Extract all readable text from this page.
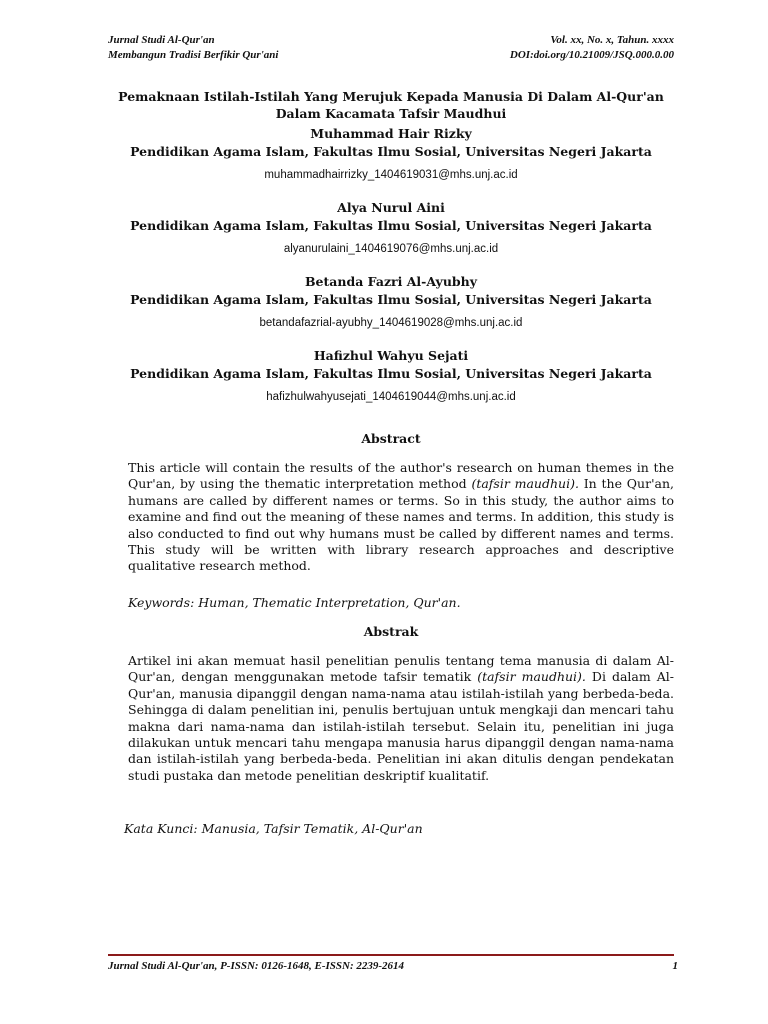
Jurnal Studi Al-Qur'an	Vol. xx, No. x, Tahun. xxxx
Membangun Tradisi Berfikir Qur'ani	DOI:doi.org/10.21009/JSQ.000.0.00
Pemaknaan Istilah-Istilah Yang Merujuk Kepada Manusia Di Dalam Al-Qur'an
Dalam Kacamata Tafsir Maudhui
Muhammad Hair Rizky
Pendidikan Agama Islam, Fakultas Ilmu Sosial, Universitas Negeri Jakarta
muhammadhairrizky_1404619031@mhs.unj.ac.id
Alya Nurul Aini
Pendidikan Agama Islam, Fakultas Ilmu Sosial, Universitas Negeri Jakarta
alyanurulaini_1404619076@mhs.unj.ac.id
Betanda Fazri Al-Ayubhy
Pendidikan Agama Islam, Fakultas Ilmu Sosial, Universitas Negeri Jakarta
betandafazrial-ayubhy_1404619028@mhs.unj.ac.id
Hafizhul Wahyu Sejati
Pendidikan Agama Islam, Fakultas Ilmu Sosial, Universitas Negeri Jakarta
hafizhulwahyusejati_1404619044@mhs.unj.ac.id
Abstract
This article will contain the results of the author's research on human themes in the Qur'an, by using the thematic interpretation method (tafsir maudhui). In the Qur'an, humans are called by different names or terms. So in this study, the author aims to examine and find out the meaning of these names and terms. In addition, this study is also conducted to find out why humans must be called by different names and terms. This study will be written with library research approaches and descriptive qualitative research method.
Keywords: Human, Thematic Interpretation, Qur'an.
Abstrak
Artikel ini akan memuat hasil penelitian penulis tentang tema manusia di dalam Al-Qur'an, dengan menggunakan metode tafsir tematik (tafsir maudhui). Di dalam Al-Qur'an, manusia dipanggil dengan nama-nama atau istilah-istilah yang berbeda-beda. Sehingga di dalam penelitian ini, penulis bertujuan untuk mengkaji dan mencari tahu makna dari nama-nama dan istilah-istilah tersebut. Selain itu, penelitian ini juga dilakukan untuk mencari tahu mengapa manusia harus dipanggil dengan nama-nama dan istilah-istilah yang berbeda-beda. Penelitian ini akan ditulis dengan pendekatan studi pustaka dan metode penelitian deskriptif kualitatif.
Kata Kunci: Manusia, Tafsir Tematik, Al-Qur'an
Jurnal Studi Al-Qur'an, P-ISSN: 0126-1648, E-ISSN: 2239-2614	1
